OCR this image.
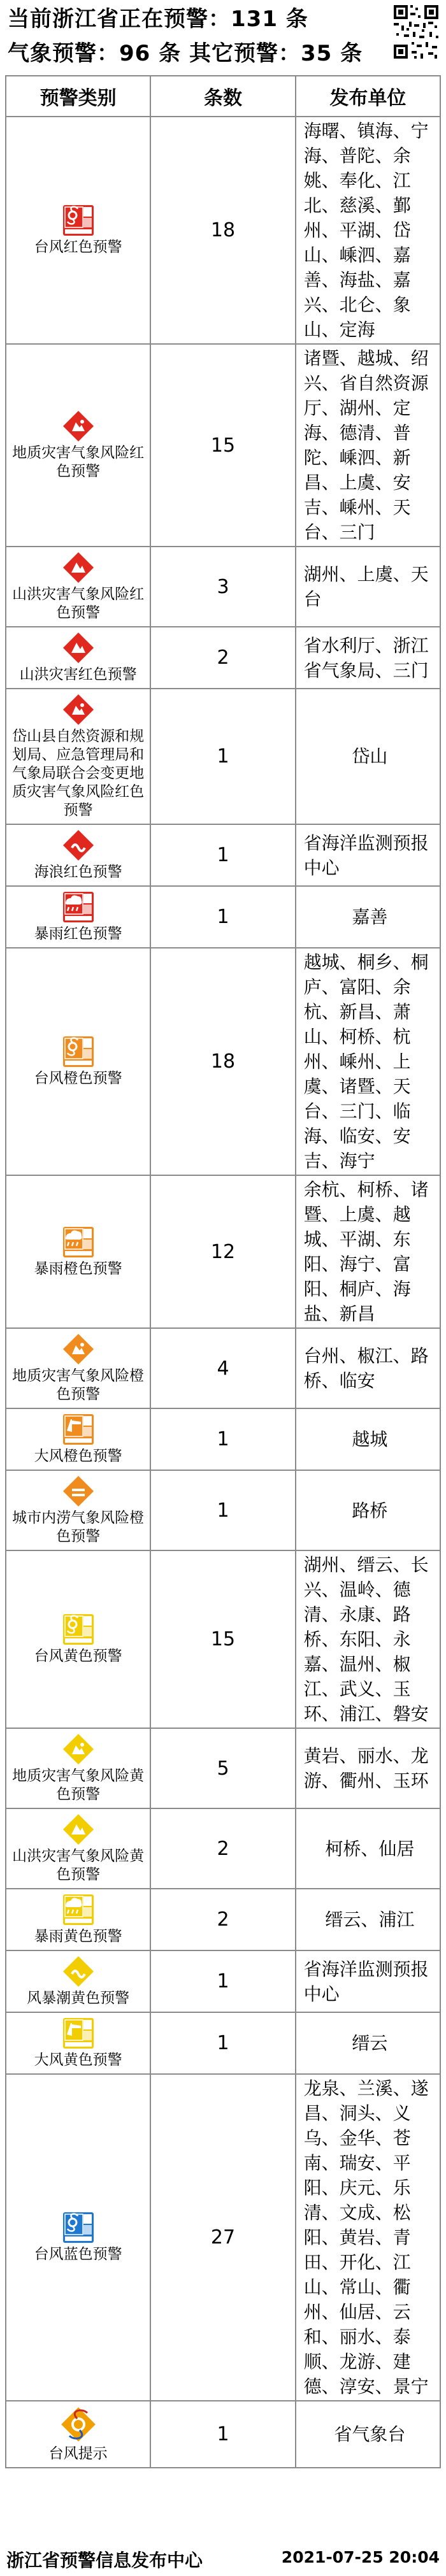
当前浙江省正在预警：131 条
气象预警：96 条 其它预警：35 条
预警类别	条数	发布单位

台风红色预警	18	海曙、镇海、宁海、普陀、余姚、奉化、江北、慈溪、鄞州、平湖、岱山、嵊泗、嘉善、海盐、嘉兴、北仑、象山、定海

地质灾害气象风险红色预警	15	诸暨、越城、绍兴、省自然资源厅、湖州、定海、德清、普陀、嵊泗、新昌、上虞、安吉、嵊州、天台、三门

山洪灾害气象风险红色预警	3	湖州、上虞、天台

山洪灾害红色预警	2	省水利厅、浙江省气象局、三门

岱山县自然资源和规划局、应急管理局和气象局联合会变更地质灾害气象风险红色预警	1	岱山

海浪红色预警	1	省海洋监测预报中心

暴雨红色预警	1	嘉善

台风橙色预警	18	越城、桐乡、桐庐、富阳、余杭、新昌、萧山、柯桥、杭州、嵊州、上虞、诸暨、天台、三门、临海、临安、安吉、海宁

暴雨橙色预警	12	余杭、柯桥、诸暨、上虞、越城、平湖、东阳、海宁、富阳、桐庐、海盐、新昌

地质灾害气象风险橙色预警	4	台州、椒江、路桥、临安

大风橙色预警	1	越城

城市内涝气象风险橙色预警	1	路桥

台风黄色预警	15	湖州、缙云、长兴、温岭、德清、永康、路桥、东阳、永嘉、温州、椒江、武义、玉环、浦江、磐安

地质灾害气象风险黄色预警	5	黄岩、丽水、龙游、衢州、玉环

山洪灾害气象风险黄色预警	2	柯桥、仙居

暴雨黄色预警	2	缙云、浦江

风暴潮黄色预警	1	省海洋监测预报中心

大风黄色预警	1	缙云

台风蓝色预警	27	龙泉、兰溪、遂昌、洞头、义乌、金华、苍南、瑞安、平阳、庆元、乐清、文成、松阳、黄岩、青田、开化、江山、常山、衢州、仙居、云和、丽水、泰顺、龙游、建德、淳安、景宁

台风提示	1	省气象台
浙江省预警信息发布中心	2021-07-25 20:04
